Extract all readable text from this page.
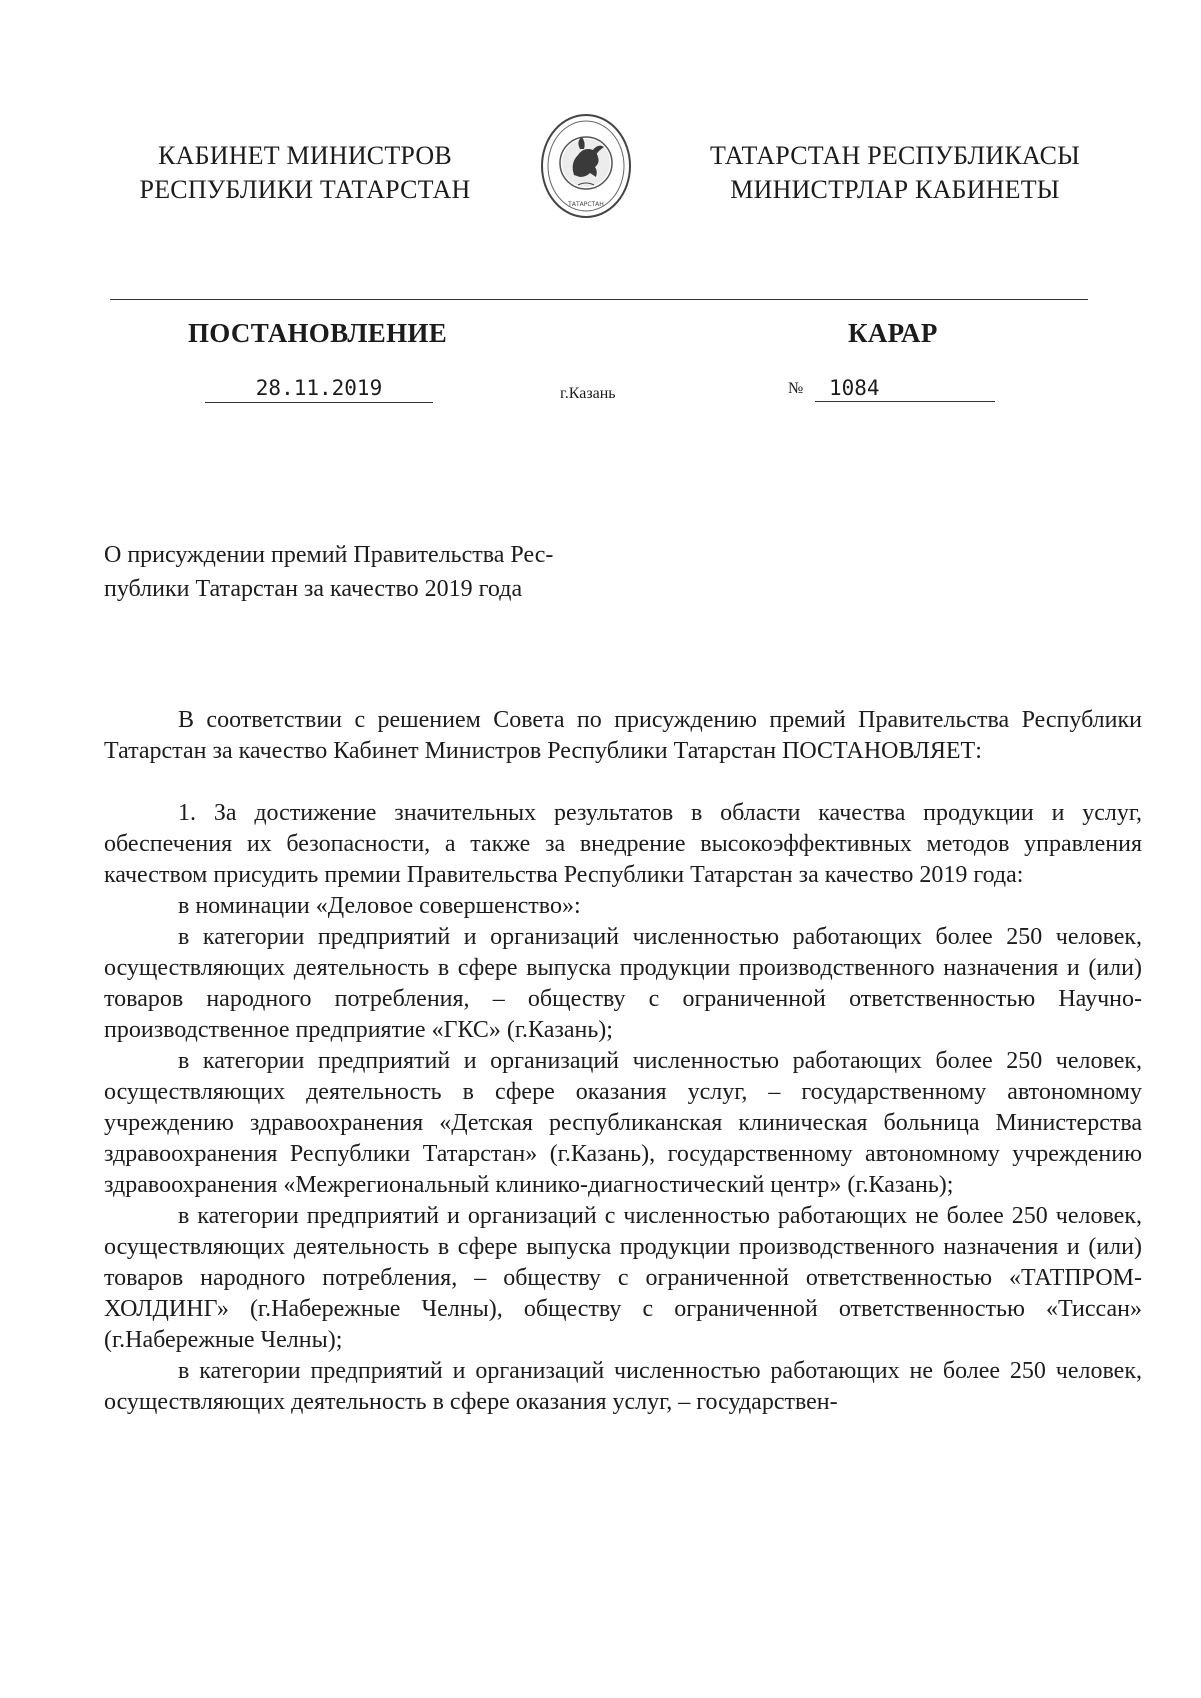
КАБИНЕТ МИНИСТРОВ
РЕСПУБЛИКИ ТАТАРСТАН
ТАТАРСТАН
ТАТАРСТАН РЕСПУБЛИКАСЫ
МИНИСТРЛАР КАБИНЕТЫ
ПОСТАНОВЛЕНИЕ	КАРАР
28.11.2019	г.Казань	№	1084
О присуждении премий Правительства Рес-
публики Татарстан за качество 2019 года

В соответствии с решением Совета по присуждению премий Правительства Республики Татарстан за качество Кабинет Министров Республики Татарстан ПОСТАНОВЛЯЕТ:

1. За достижение значительных результатов в области качества продукции и услуг, обеспечения их безопасности, а также за внедрение высокоэффективных методов управления качеством присудить премии Правительства Республики Татарстан за качество 2019 года:

в номинации «Деловое совершенство»:

в категории предприятий и организаций численностью работающих более 250 человек, осуществляющих деятельность в сфере выпуска продукции производственного назначения и (или) товаров народного потребления, – обществу с ограниченной ответственностью Научно-производственное предприятие «ГКС» (г.Казань);

в категории предприятий и организаций численностью работающих более 250 человек, осуществляющих деятельность в сфере оказания услуг, – государственному автономному учреждению здравоохранения «Детская республиканская клиническая больница Министерства здравоохранения Республики Татарстан» (г.Казань), государственному автономному учреждению здравоохранения «Межрегиональный клинико-диагностический центр» (г.Казань);

в категории предприятий и организаций с численностью работающих не более 250 человек, осуществляющих деятельность в сфере выпуска продукции производственного назначения и (или) товаров народного потребления, – обществу с ограниченной ответственностью «ТАТПРОМ-ХОЛДИНГ» (г.Набережные Челны), обществу с ограниченной ответственностью «Тиссан» (г.Набережные Челны);

в категории предприятий и организаций численностью работающих не более 250 человек, осуществляющих деятельность в сфере оказания услуг, – государствен-
